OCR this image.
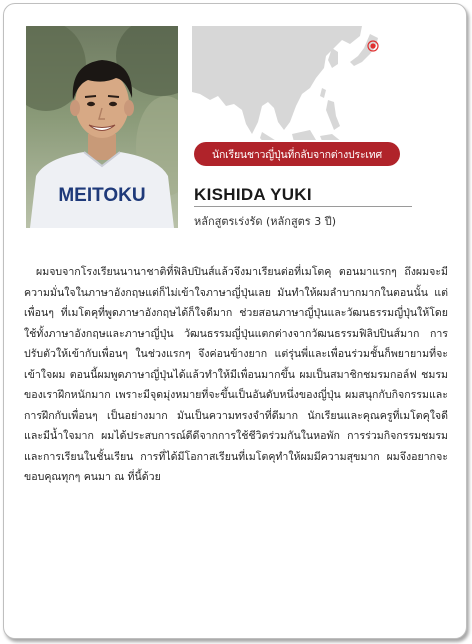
MEITOKU
นักเรียนชาวญี่ปุ่นที่กลับจากต่างประเทศ
KISHIDA YUKI
หลักสูตรเร่งรัด (หลักสูตร 3 ปี)

ผมจบจากโรงเรียนนานาชาติที่ฟิลิปปินส์แล้วจึงมาเรียนต่อที่เมโตคุ ตอนมาแรกๆ ถึงผมจะมีความมั่นใจในภาษาอังกฤษแต่ก็ไม่เข้าใจภาษาญี่ปุ่นเลย มันทำให้ผมลำบากมากในตอนนั้น แต่เพื่อนๆ ที่เมโตคุที่พูดภาษาอังกฤษได้ก็ใจดีมาก ช่วยสอนภาษาญี่ปุ่นและวัฒนธรรมญี่ปุ่นให้โดยใช้ทั้งภาษาอังกฤษและภาษาญี่ปุ่น วัฒนธรรมญี่ปุ่นแตกต่างจากวัฒนธรรมฟิลิปปินส์มาก การปรับตัวให้เข้ากับเพื่อนๆ ในช่วงแรกๆ จึงค่อนข้างยาก แต่รุ่นพี่และเพื่อนร่วมชั้นก็พยายามที่จะเข้าใจผม ตอนนี้ผมพูดภาษาญี่ปุ่นได้แล้วทำให้มีเพื่อนมากขึ้น ผมเป็นสมาชิกชมรมกอล์ฟ ชมรมของเราฝึกหนักมาก เพราะมีจุดมุ่งหมายที่จะขึ้นเป็นอันดับหนึ่งของญี่ปุ่น ผมสนุกกับกิจกรรมและการฝึกกับเพื่อนๆ เป็นอย่างมาก มันเป็นความทรงจำที่ดีมาก นักเรียนและคุณครูที่เมโตคุใจดี และมีน้ำใจมาก ผมได้ประสบการณ์ดีดีจากการใช้ชีวิตร่วมกันในหอพัก การร่วมกิจกรรมชมรม และการเรียนในชั้นเรียน การที่ได้มีโอกาสเรียนที่เมโตคุทำให้ผมมีความสุขมาก ผมจึงอยากจะขอบคุณทุกๆ คนมา ณ ที่นี้ด้วย
